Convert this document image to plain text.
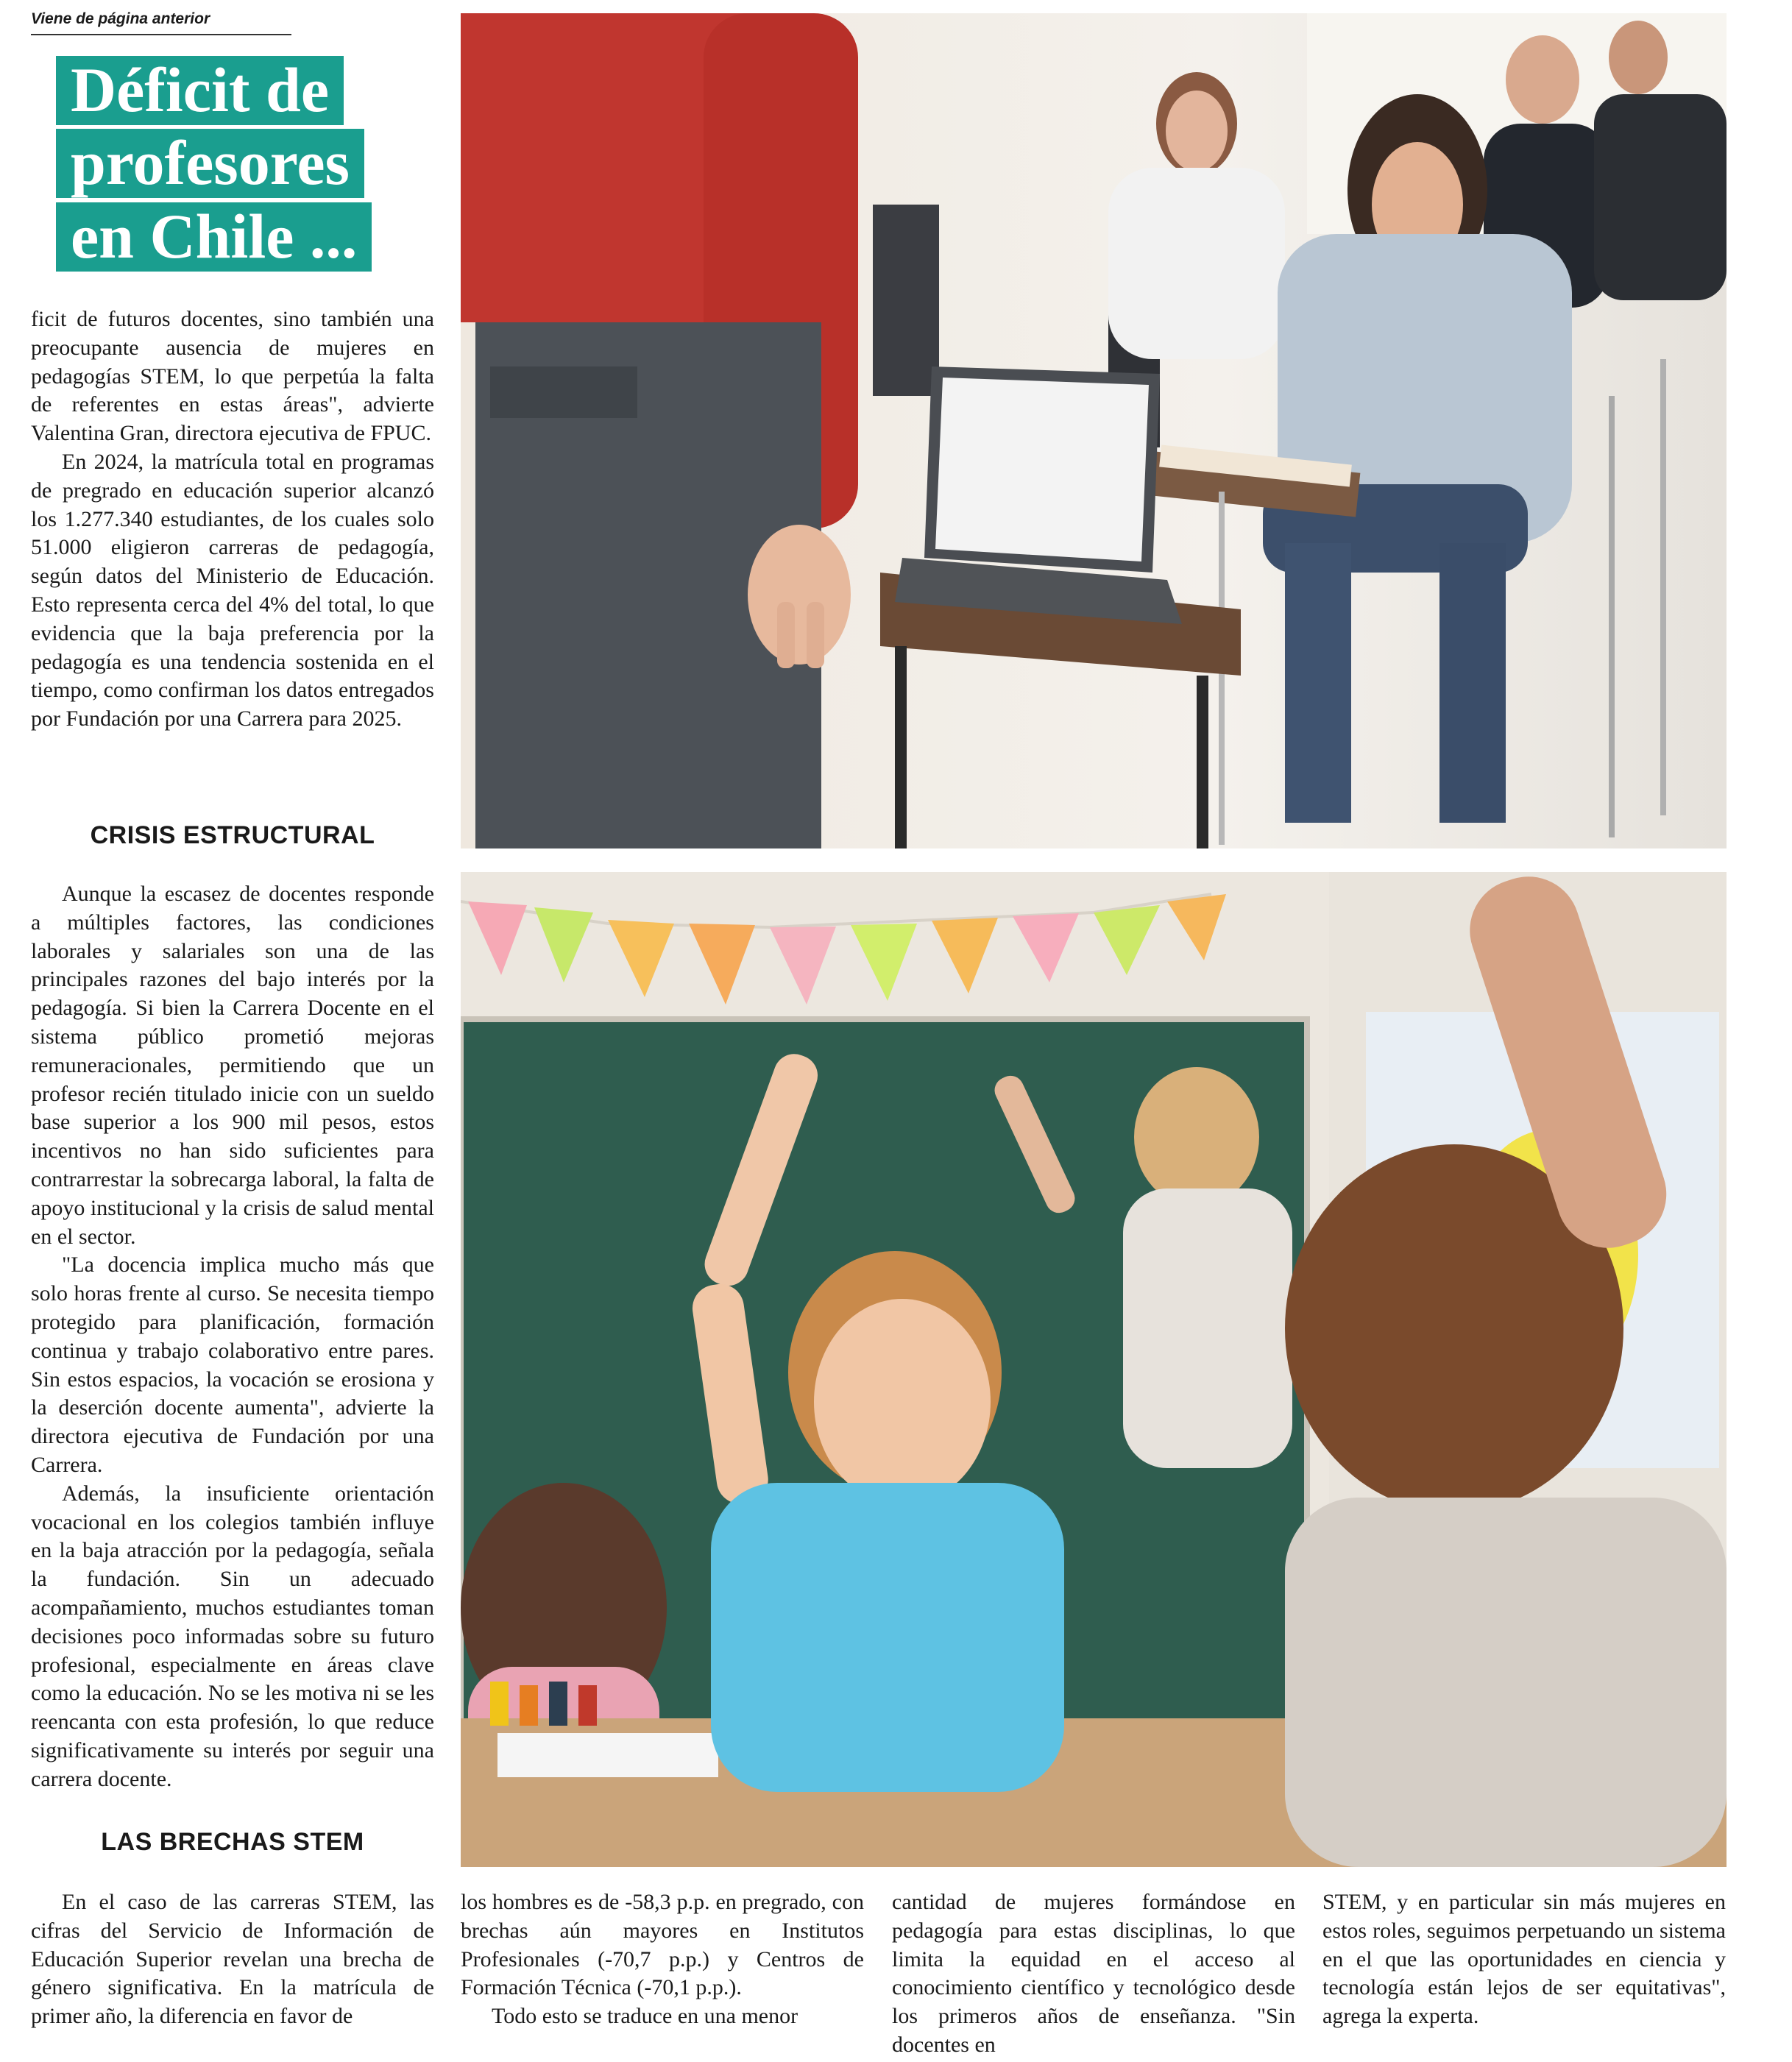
Viene de página anterior
Déficit de
profesores
en Chile ...

ficit de futuros docentes, sino también una preocupante ausencia de mujeres en pedagogías STEM, lo que perpetúa la falta de referentes en estas áreas", advierte Valentina Gran, directora ejecutiva de FPUC.

En 2024, la matrícula total en programas de pregrado en educación superior alcanzó los 1.277.340 estudiantes, de los cuales solo 51.000 eligieron carreras de pedagogía, según datos del Ministerio de Educación. Esto representa cerca del 4% del total, lo que evidencia que la baja preferencia por la pedagogía es una tendencia sostenida en el tiempo, como confirman los datos entregados por Fundación por una Carrera para 2025.

CRISIS ESTRUCTURAL

Aunque la escasez de docentes responde a múltiples factores, las condiciones laborales y salariales son una de las principales razones del bajo interés por la pedagogía. Si bien la Carrera Docente en el sistema público prometió mejoras remuneracionales, permitiendo que un profesor recién titulado inicie con un sueldo base superior a los 900 mil pesos, estos incentivos no han sido suficientes para contrarrestar la sobrecarga laboral, la falta de apoyo institucional y la crisis de salud mental en el sector.

"La docencia implica mucho más que solo horas frente al curso. Se necesita tiempo protegido para planificación, formación continua y trabajo colaborativo entre pares. Sin estos espacios, la vocación se erosiona y la deserción docente aumenta", advierte la directora ejecutiva de Fundación por una Carrera.

Además, la insuficiente orientación vocacional en los colegios también influye en la baja atracción por la pedagogía, señala la fundación. Sin un adecuado acompañamiento, muchos estudiantes toman decisiones poco informadas sobre su futuro profesional, especialmente en áreas clave como la educación. No se les motiva ni se les reencanta con esta profesión, lo que reduce significativamente su interés por seguir una carrera docente.

LAS BRECHAS STEM

En el caso de las carreras STEM, las cifras del Servicio de Información de Educación Superior revelan una brecha de género significativa. En la matrícula de primer año, la diferencia en favor de

los hombres es de -58,3 p.p. en pregrado, con brechas aún mayores en Institutos Profesionales (-70,7 p.p.) y Centros de Formación Técnica (-70,1 p.p.).

Todo esto se traduce en una menor

cantidad de mujeres formándose en pedagogía para estas disciplinas, lo que limita la equidad en el acceso al conocimiento científico y tecnológico desde los primeros años de enseñanza. "Sin docentes en

STEM, y en particular sin más mujeres en estos roles, seguimos perpetuando un sistema en el que las oportunidades en ciencia y tecnología están lejos de ser equitativas", agrega la experta.
